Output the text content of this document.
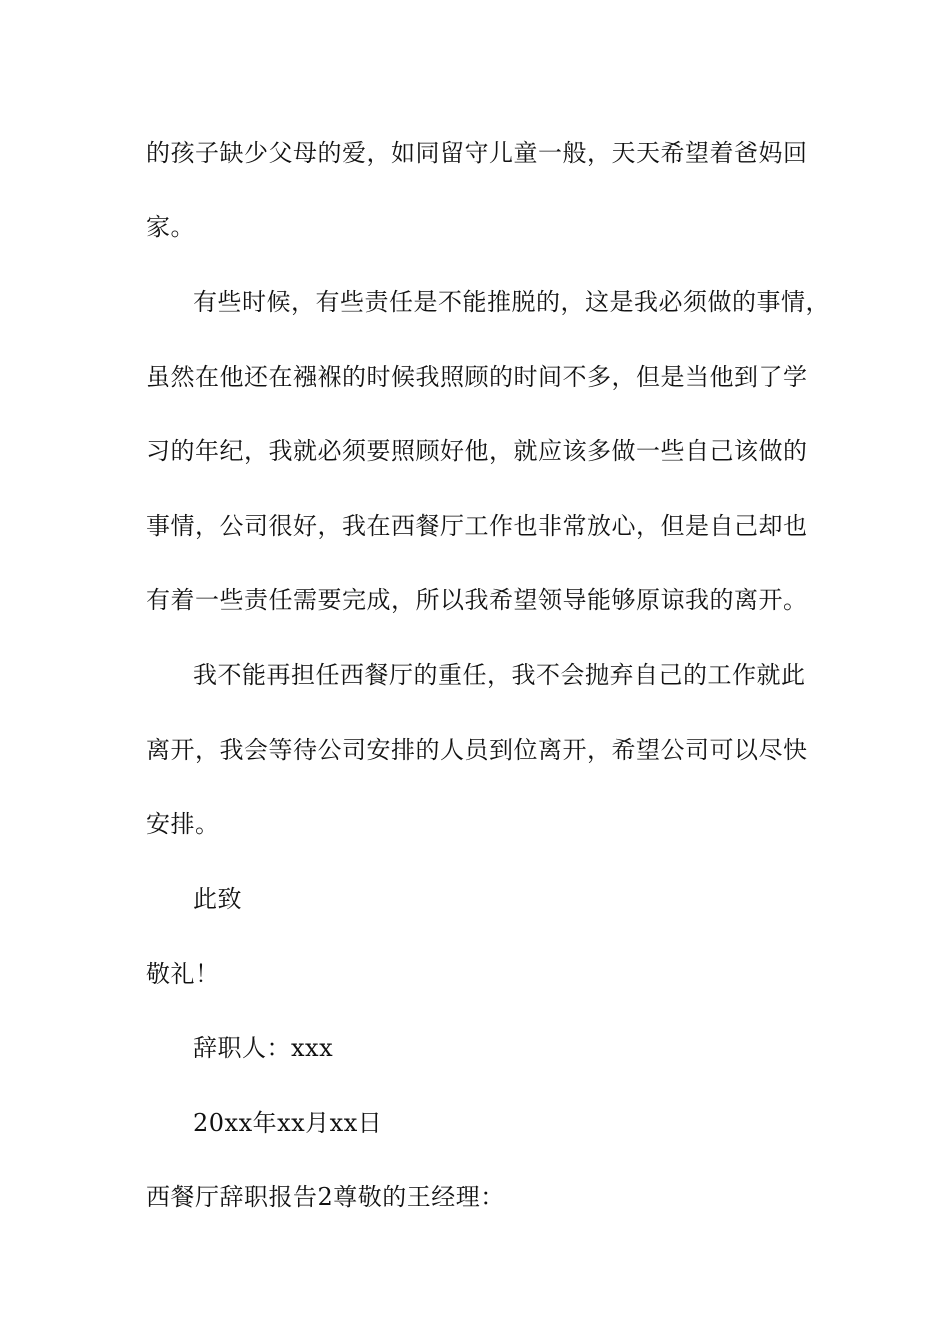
的孩子缺少父母的爱，如同留守儿童一般，天天希望着爸妈回
家。
有些时候，有些责任是不能推脱的，这是我必须做的事情，
虽然在他还在襁褓的时候我照顾的时间不多，但是当他到了学
习的年纪，我就必须要照顾好他，就应该多做一些自己该做的
事情，公司很好，我在西餐厅工作也非常放心，但是自己却也
有着一些责任需要完成，所以我希望领导能够原谅我的离开。
我不能再担任西餐厅的重任，我不会抛弃自己的工作就此
离开，我会等待公司安排的人员到位离开，希望公司可以尽快
安排。
此致
敬礼！
辞职人：xxx
20xx年xx月xx日
西餐厅辞职报告2尊敬的王经理：
